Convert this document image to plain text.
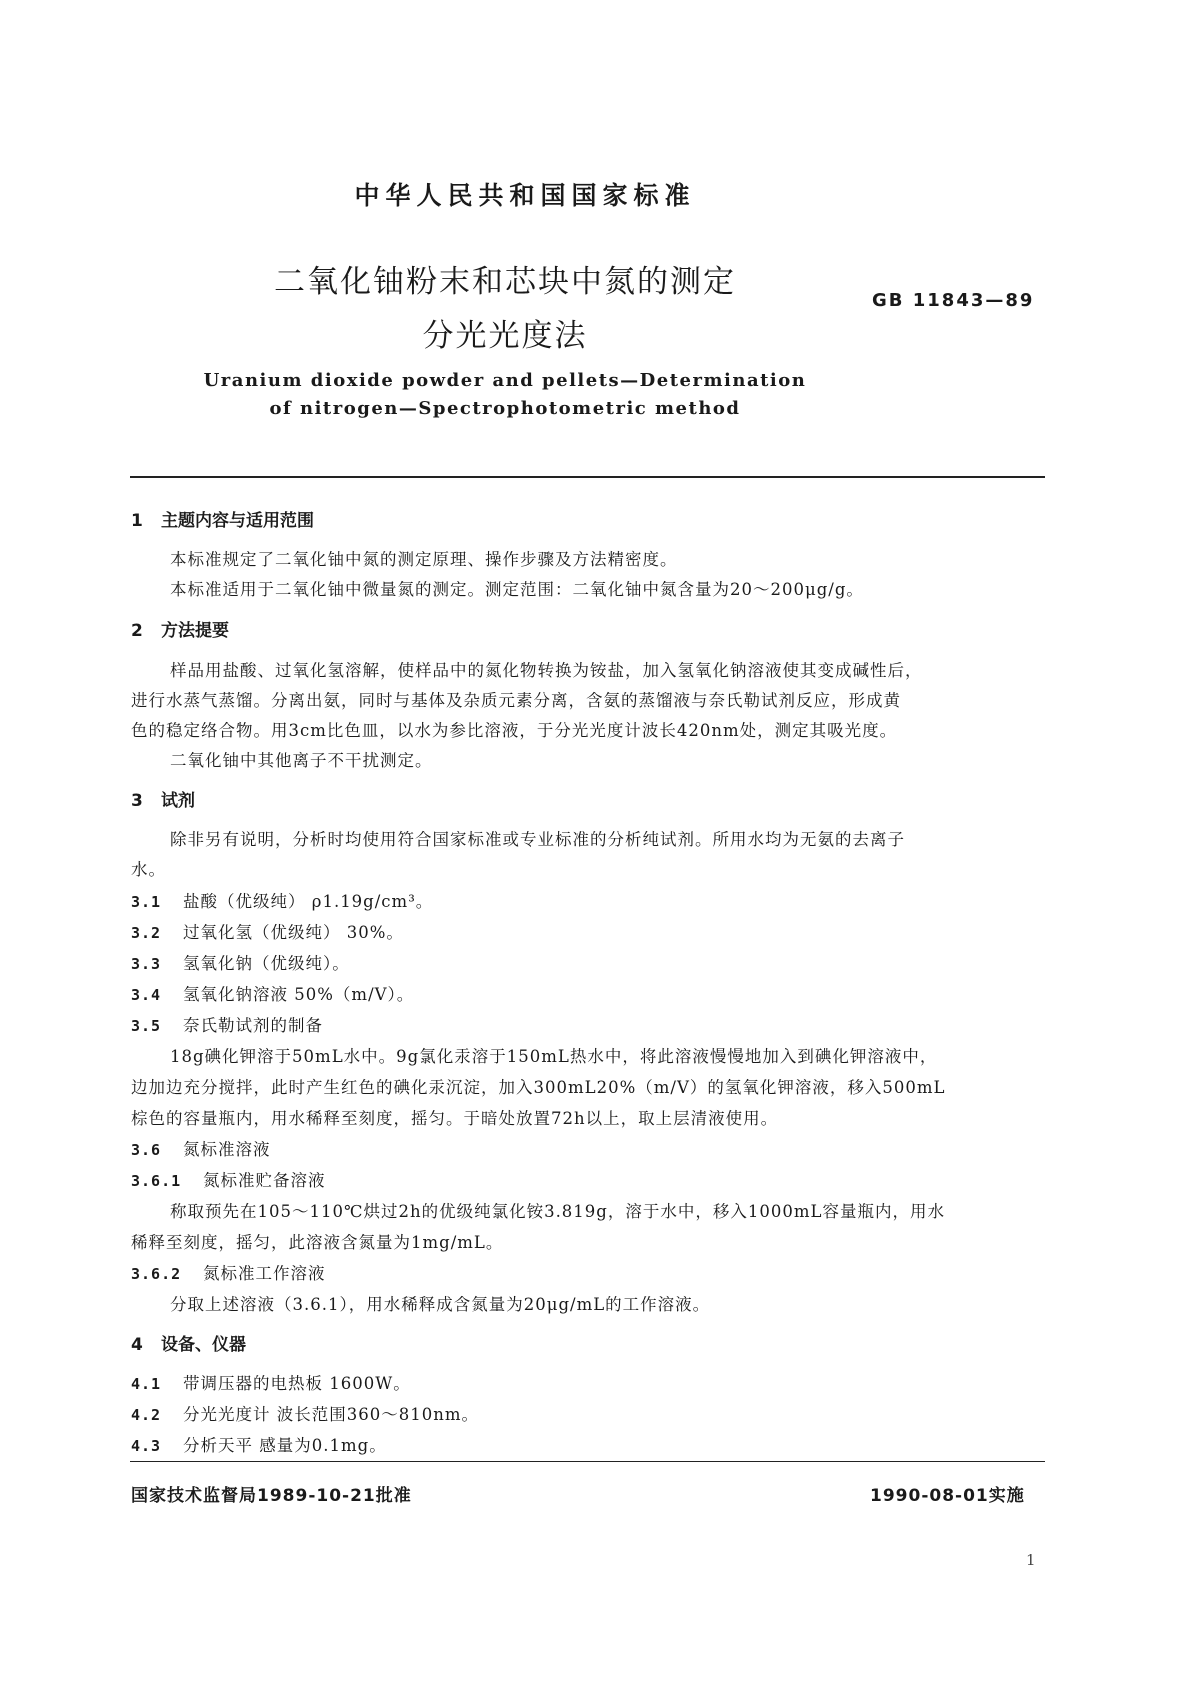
中华人民共和国国家标准
二氧化铀粉末和芯块中氮的测定
分光光度法
GB 11843—89
Uranium dioxide powder and pellets—Determination
of nitrogen—Spectrophotometric method
1 主题内容与适用范围
本标准规定了二氧化铀中氮的测定原理、操作步骤及方法精密度。
本标准适用于二氧化铀中微量氮的测定。测定范围：二氧化铀中氮含量为20～200μg/g。
2 方法提要
样品用盐酸、过氧化氢溶解，使样品中的氮化物转换为铵盐，加入氢氧化钠溶液使其变成碱性后，
进行水蒸气蒸馏。分离出氨，同时与基体及杂质元素分离，含氨的蒸馏液与奈氏勒试剂反应，形成黄
色的稳定络合物。用3cm比色皿，以水为参比溶液，于分光光度计波长420nm处，测定其吸光度。
二氧化铀中其他离子不干扰测定。
3 试剂
除非另有说明，分析时均使用符合国家标准或专业标准的分析纯试剂。所用水均为无氨的去离子
水。
3.1 盐酸（优级纯） ρ1.19g/cm³。
3.2 过氧化氢（优级纯） 30%。
3.3 氢氧化钠（优级纯）。
3.4 氢氧化钠溶液 50%（m/V）。
3.5 奈氏勒试剂的制备
18g碘化钾溶于50mL水中。9g氯化汞溶于150mL热水中，将此溶液慢慢地加入到碘化钾溶液中，
边加边充分搅拌，此时产生红色的碘化汞沉淀，加入300mL20%（m/V）的氢氧化钾溶液，移入500mL
棕色的容量瓶内，用水稀释至刻度，摇匀。于暗处放置72h以上，取上层清液使用。
3.6 氮标准溶液
3.6.1 氮标准贮备溶液
称取预先在105～110℃烘过2h的优级纯氯化铵3.819g，溶于水中，移入1000mL容量瓶内，用水
稀释至刻度，摇匀，此溶液含氮量为1mg/mL。
3.6.2 氮标准工作溶液
分取上述溶液（3.6.1），用水稀释成含氮量为20μg/mL的工作溶液。
4 设备、仪器
4.1 带调压器的电热板 1600W。
4.2 分光光度计 波长范围360～810nm。
4.3 分析天平 感量为0.1mg。
国家技术监督局1989-10-21批准	1990-08-01实施
1
